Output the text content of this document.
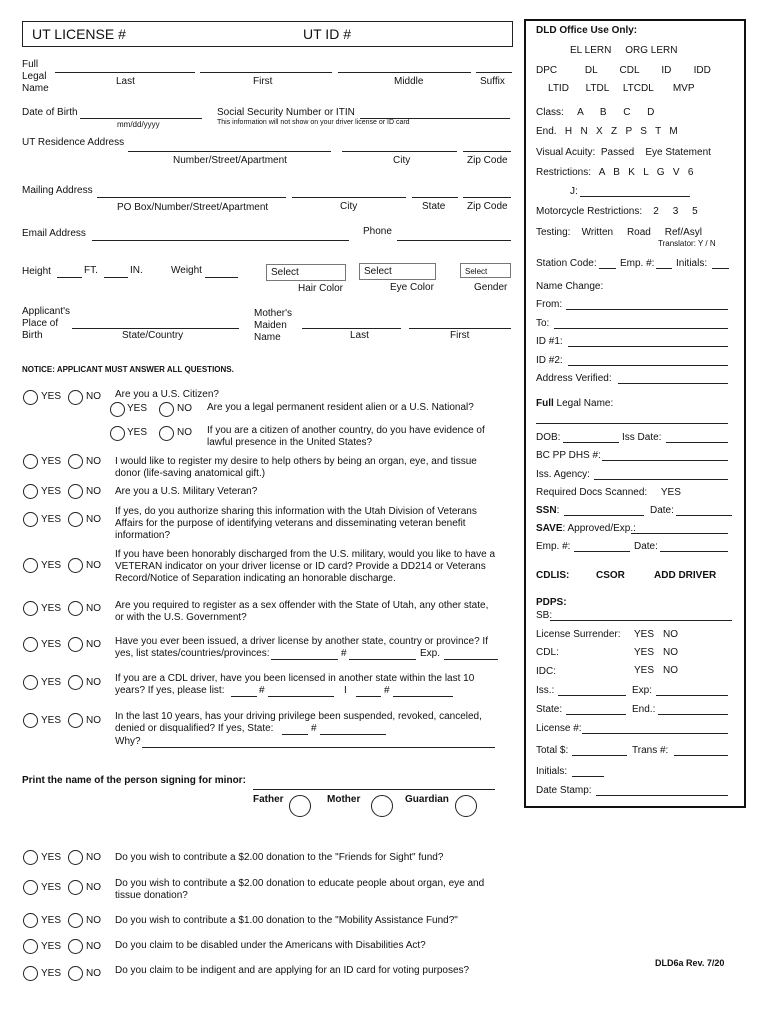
UT LICENSE #	UT ID #
Full
Legal
Name
Last	First	Middle	Suffix
Date of Birth
mm/dd/yyyy
Social Security Number or ITIN
This information will not show on your driver license or ID card
UT Residence Address
Number/Street/Apartment	City	Zip Code
Mailing Address
PO Box/Number/Street/Apartment	City	State Zip Code
Email Address	Phone
Height	FT.	IN.	Weight	Select	Select	Select
Hair Color	Eye Color	Gender
Applicant's
Place of
Birth	State/Country
Mother's
Maiden
Name	Last	First
NOTICE: APPLICANT MUST ANSWER ALL QUESTIONS.
YES NO Are you a U.S. Citizen?
YES	NO Are you a legal permanent resident alien or a U.S. National?
YES	NO If you are a citizen of another country, do you have evidence of lawful presence in the United States?
YES NO I would like to register my desire to help others by being an organ, eye, and tissue donor (life-saving anatomical gift.)
YES NO Are you a U.S. Military Veteran?
YES NO
If yes, do you authorize sharing this information with the Utah Division of Veterans Affairs for the purpose of identifying veterans and disseminating veteran benefit information?
YES NO
If you have been honorably discharged from the U.S. military, would you like to have a VETERAN indicator on your driver license or ID card? Provide a DD214 or Veterans Record/Notice of Separation indicating an honorable discharge.
YES NO Are you required to register as a sex offender with the State of Utah, any other state, or with the U.S. Government?
YES NO Have you ever been issued, a driver license by another state, country or province? If
yes, list states/countries/provinces:	#	Exp.
YES NO If you are a CDL driver, have you been licensed in another state within the last 10
years? If yes, please list:	#	I	#
YES NO In the last 10 years, has your driving privilege been suspended, revoked, canceled,
denied or disqualified? If yes, State:	#
Why?
Print the name of the person signing for minor:
Father	Mother	Guardian
YES NO Do you wish to contribute a $2.00 donation to the "Friends for Sight" fund?
YES NO Do you wish to contribute a $2.00 donation to educate people about organ, eye and tissue donation?
YES NO Do you wish to contribute a $1.00 donation to the "Mobility Assistance Fund?"
YES NO Do you claim to be disabled under the Americans with Disabilities Act?
YES NO Do you claim to be indigent and are applying for an ID card for voting purposes?
DLD6a Rev. 7/20
DLD Office Use Only:
EL LERN     ORG LERN
DPC          DL        CDL        ID        IDD
LTID      LTDL     LTCDL       MVP
Class:     A      B      C      D
End.   H   N   X   Z   P   S   T   M
Visual Acuity:  Passed    Eye Statement
Restrictions:   A   B   K   L   G   V   6
J:
Motorcycle Restrictions:    2     3     5
Testing:    Written     Road     Ref/Asyl
Translator: Y / N
Station Code: Emp. #: Initials:
Name Change:
From:
To:
ID #1:
ID #2:
Address Verified:
Full Legal Name:
DOB:	Iss Date:
BC PP DHS #:
Iss. Agency:
Required Docs Scanned:     YES
SSN:	Date:
SAVE: Approved/Exp.:
Emp. #:	Date:
CDLIS:	CSOR	ADD DRIVER
PDPS:
SB:
License Surrender: YES NO
CDL:	YES NO
IDC:	YES NO
Iss.:	Exp:
State:	End.:
License #:
Total $:	Trans #:
Initials:
Date Stamp:
